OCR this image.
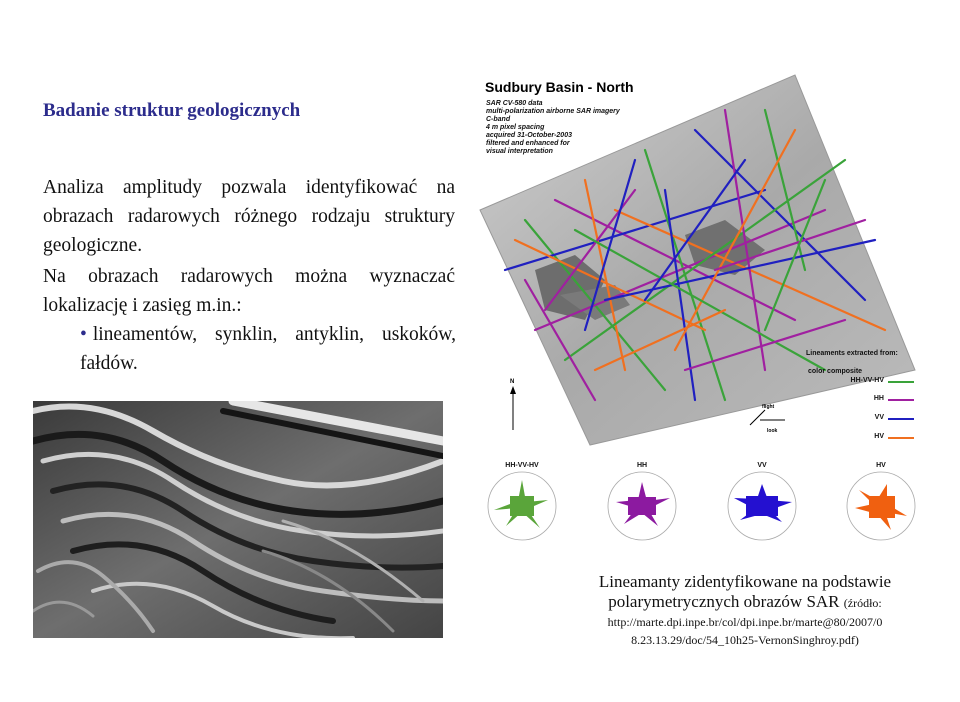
Badanie struktur geologicznych
Analiza amplitudy pozwala identyfikować na obrazach radarowych różnego rodzaju struktury geologiczne.
Na obrazach radarowych można wyznaczać lokalizację i zasięg m.in.:
• lineamentów, synklin, antyklin, uskoków, fałdów.
N
flight
look
Sudbury Basin - North
SAR CV-580 data
multi-polarization airborne SAR imagery
C-band
4 m pixel spacing
acquired 31-October-2003
filtered and enhanced for
visual interpretation
Lineaments extracted from:
color composite
HH-VV-HV
HH
VV
HV
HH-VV-HV	HH	VV	HV
Lineamanty zidentyfikowane na podstawie
polarymetrycznych obrazów SAR (źródło:
http://marte.dpi.inpe.br/col/dpi.inpe.br/marte@80/2007/0
8.23.13.29/doc/54_10h25-VernonSinghroy.pdf)
